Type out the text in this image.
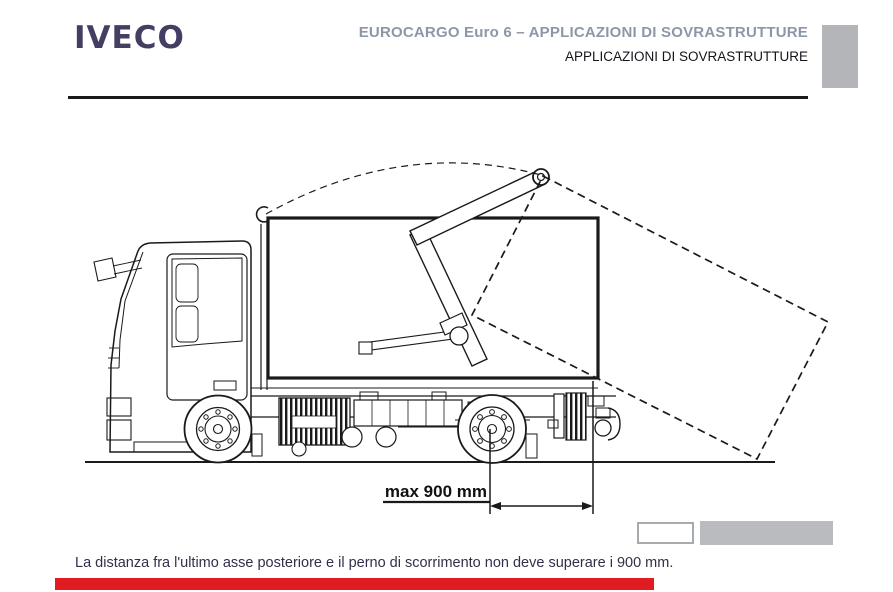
IVECO	EUROCARGO Euro 6 – APPLICAZIONI DI SOVRASTRUTTURE
APPLICAZIONI DI SOVRASTRUTTURE
max 900 mm
La distanza fra l'ultimo asse posteriore e il perno di scorrimento non deve superare i 900 mm.
